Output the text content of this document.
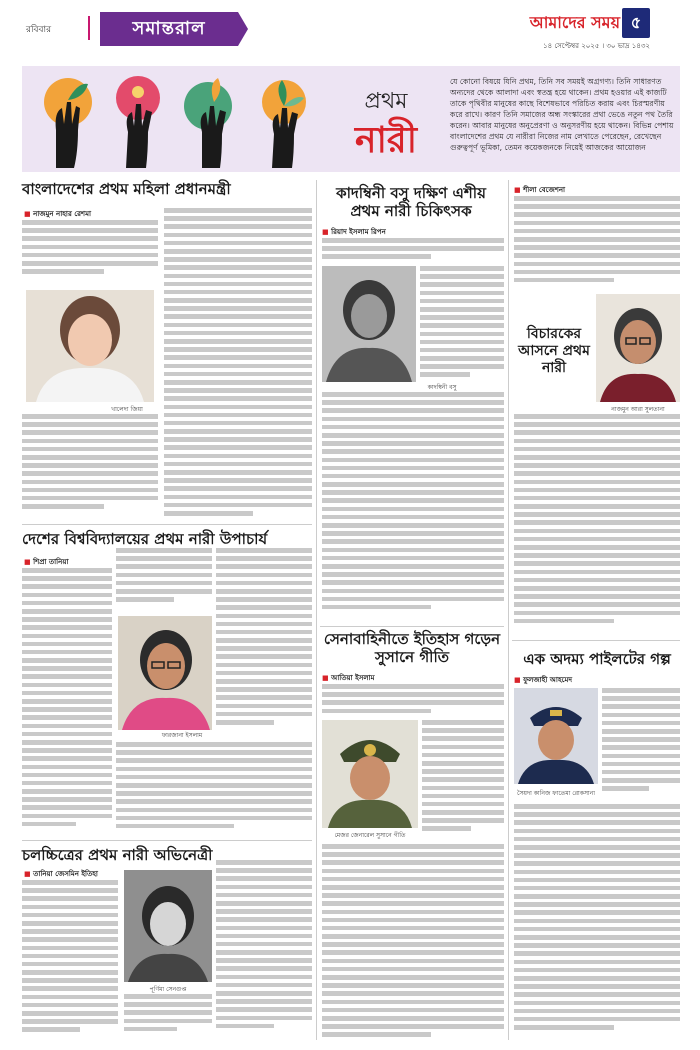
রবিবার	সমান্তরাল	আমাদের সময় ৫
১৪ সেপ্টেম্বর ২০২৫ । ৩০ ভাদ্র ১৪৩২
প্রথম
নারী
যে কোনো বিষয়ে যিনি প্রথম, তিনি সব সময়ই অগ্রগণ্য। তিনি সাধারণত অন্যদের থেকে আলাদা এবং স্বতন্ত্র হয়ে থাকেন। প্রথম হওয়ার এই কাজটি তাকে পৃথিবীর মানুষের কাছে বিশেষভাবে পরিচিত করায় এবং চিরস্মরণীয় করে রাখে। কারণ তিনি সমাজের অন্ধ সংস্কারের প্রথা ভেঙে নতুন পথ তৈরি করেন। আবার মানুষের অনুপ্রেরণা ও অনুসরণীয় হয়ে থাকেন। বিভিন্ন পেশায় বাংলাদেশের প্রথম যে নারীরা নিজের নাম লেখাতে পেরেছেন, রেখেছেন গুরুত্বপূর্ণ ভূমিকা, তেমন কয়েকজনকে নিয়েই আজকের আয়োজন
বাংলাদেশের প্রথম মহিলা প্রধানমন্ত্রী
■ নাজমুন নাহার রেশমা
খালেদা জিয়া
দেশের বিশ্ববিদ্যালয়ের প্রথম নারী উপাচার্য
■ শিপ্রা তানিয়া
ফারজানা ইসলাম
চলচ্চিত্রের প্রথম নারী অভিনেত্রী
■ তানিয়া জেসমিন ইতিহা
পূর্ণিমা সেনগুপ্ত
কাদম্বিনী বসু দক্ষিণ এশীয় প্রথম নারী চিকিৎসক
■ রিয়াদ ইসলাম রিপন
কাদম্বিনী বসু
সেনাবাহিনীতে ইতিহাস গড়েন সুসানে গীতি
■ আতিয়া ইসলাম
মেজর জেনারেল সুসানে গীতি
■ শীলা বেজেশনা
বিচারকের আসনে প্রথম নারী
নাজমুন আরা সুলতানা
এক অদম্য পাইলটের গল্প
■ ফুলজাহী আহমেদ
সৈয়দা কানিজ ফাতেমা রোকসানা
